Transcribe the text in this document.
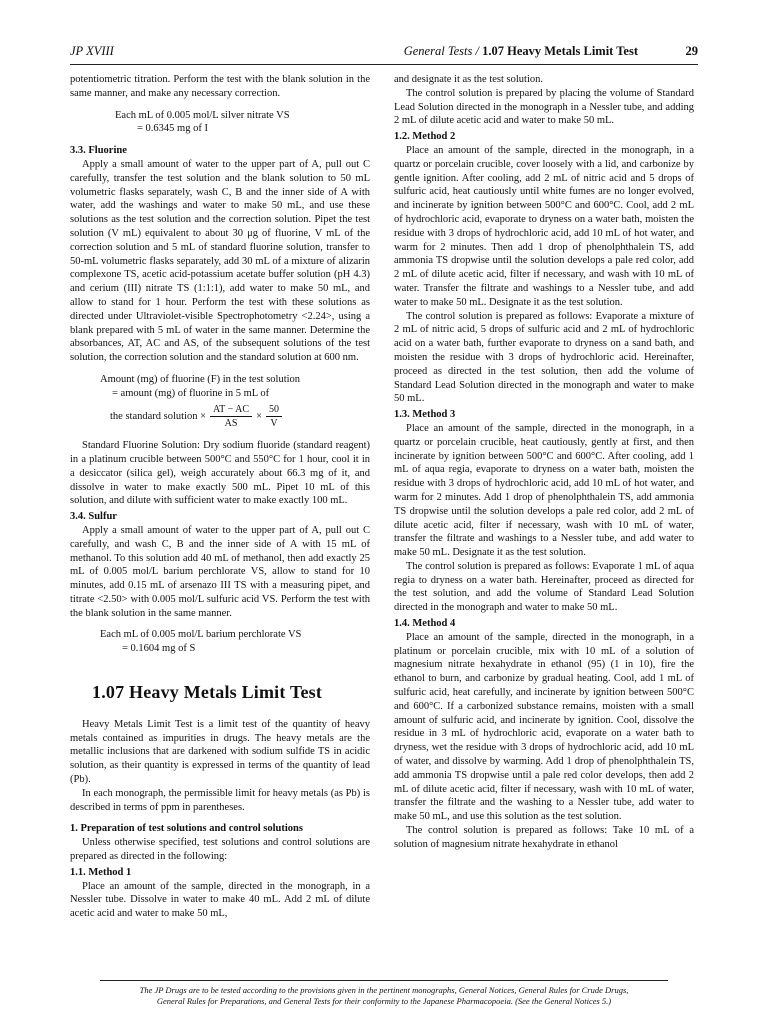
JP XVIII	General Tests / 1.07 Heavy Metals Limit Test	29

potentiometric titration. Perform the test with the blank solution in the same manner, and make any necessary correction.

Each mL of 0.005 mol/L silver nitrate VS
= 0.6345 mg of I
3.3. Fluorine

Apply a small amount of water to the upper part of A, pull out C carefully, transfer the test solution and the blank solution to 50 mL volumetric flasks separately, wash C, B and the inner side of A with water, add the washings and water to make 50 mL, and use these solutions as the test solution and the correction solution. Pipet the test solution (V mL) equivalent to about 30 μg of fluorine, V mL of the correction solution and 5 mL of standard fluorine solution, transfer to 50-mL volumetric flasks separately, add 30 mL of a mixture of alizarin complexone TS, acetic acid-potassium acetate buffer solution (pH 4.3) and cerium (III) nitrate TS (1:1:1), add water to make 50 mL, and allow to stand for 1 hour. Perform the test with these solutions as directed under Ultraviolet-visible Spectrophotometry <2.24>, using a blank prepared with 5 mL of water in the same manner. Determine the absorbances, AT, AC and AS, of the subsequent solutions of the test solution, the correction solution and the standard solution at 600 nm.

Amount (mg) of fluorine (F) in the test solution
= amount (mg) of fluorine in 5 mL of
the standard solution × $\frac{AT - AC}{AS} \times \frac{50}{V}$

Standard Fluorine Solution: Dry sodium fluoride (standard reagent) in a platinum crucible between 500°C and 550°C for 1 hour, cool it in a desiccator (silica gel), weigh accurately about 66.3 mg of it, and dissolve in water to make exactly 500 mL. Pipet 10 mL of this solution, and dilute with sufficient water to make exactly 100 mL.

3.4. Sulfur

Apply a small amount of water to the upper part of A, pull out C carefully, and wash C, B and the inner side of A with 15 mL of methanol. To this solution add 40 mL of methanol, then add exactly 25 mL of 0.005 mol/L barium perchlorate VS, allow to stand for 10 minutes, add 0.15 mL of arsenazo III TS with a measuring pipet, and titrate <2.50> with 0.005 mol/L sulfuric acid VS. Perform the test with the blank solution in the same manner.

Each mL of 0.005 mol/L barium perchlorate VS
= 0.1604 mg of S
1.07 Heavy Metals Limit Test

Heavy Metals Limit Test is a limit test of the quantity of heavy metals contained as impurities in drugs. The heavy metals are the metallic inclusions that are darkened with sodium sulfide TS in acidic solution, as their quantity is expressed in terms of the quantity of lead (Pb).

In each monograph, the permissible limit for heavy metals (as Pb) is described in terms of ppm in parentheses.

1. Preparation of test solutions and control solutions

Unless otherwise specified, test solutions and control solutions are prepared as directed in the following:

1.1. Method 1

Place an amount of the sample, directed in the monograph, in a Nessler tube. Dissolve in water to make 40 mL. Add 2 mL of dilute acetic acid and water to make 50 mL,

and designate it as the test solution.

The control solution is prepared by placing the volume of Standard Lead Solution directed in the monograph in a Nessler tube, and adding 2 mL of dilute acetic acid and water to make 50 mL.

1.2. Method 2

Place an amount of the sample, directed in the monograph, in a quartz or porcelain crucible, cover loosely with a lid, and carbonize by gentle ignition. After cooling, add 2 mL of nitric acid and 5 drops of sulfuric acid, heat cautiously until white fumes are no longer evolved, and incinerate by ignition between 500°C and 600°C. Cool, add 2 mL of hydrochloric acid, evaporate to dryness on a water bath, moisten the residue with 3 drops of hydrochloric acid, add 10 mL of hot water, and warm for 2 minutes. Then add 1 drop of phenolphthalein TS, add ammonia TS dropwise until the solution develops a pale red color, add 2 mL of dilute acetic acid, filter if necessary, and wash with 10 mL of water. Transfer the filtrate and washings to a Nessler tube, and add water to make 50 mL. Designate it as the test solution.

The control solution is prepared as follows: Evaporate a mixture of 2 mL of nitric acid, 5 drops of sulfuric acid and 2 mL of hydrochloric acid on a water bath, further evaporate to dryness on a sand bath, and moisten the residue with 3 drops of hydrochloric acid. Hereinafter, proceed as directed in the test solution, then add the volume of Standard Lead Solution directed in the monograph and water to make 50 mL.

1.3. Method 3

Place an amount of the sample, directed in the monograph, in a quartz or porcelain crucible, heat cautiously, gently at first, and then incinerate by ignition between 500°C and 600°C. After cooling, add 1 mL of aqua regia, evaporate to dryness on a water bath, moisten the residue with 3 drops of hydrochloric acid, add 10 mL of hot water, and warm for 2 minutes. Add 1 drop of phenolphthalein TS, add ammonia TS dropwise until the solution develops a pale red color, add 2 mL of dilute acetic acid, filter if necessary, wash with 10 mL of water, transfer the filtrate and washings to a Nessler tube, and add water to make 50 mL. Designate it as the test solution.

The control solution is prepared as follows: Evaporate 1 mL of aqua regia to dryness on a water bath. Hereinafter, proceed as directed for the test solution, and add the volume of Standard Lead Solution directed in the monograph and water to make 50 mL.

1.4. Method 4

Place an amount of the sample, directed in the monograph, in a platinum or porcelain crucible, mix with 10 mL of a solution of magnesium nitrate hexahydrate in ethanol (95) (1 in 10), fire the ethanol to burn, and carbonize by gradual heating. Cool, add 1 mL of sulfuric acid, heat carefully, and incinerate by ignition between 500°C and 600°C. If a carbonized substance remains, moisten with a small amount of sulfuric acid, and incinerate by ignition. Cool, dissolve the residue in 3 mL of hydrochloric acid, evaporate on a water bath to dryness, wet the residue with 3 drops of hydrochloric acid, add 10 mL of water, and dissolve by warming. Add 1 drop of phenolphthalein TS, add ammonia TS dropwise until a pale red color develops, then add 2 mL of dilute acetic acid, filter if necessary, wash with 10 mL of water, transfer the filtrate and the washing to a Nessler tube, add water to make 50 mL, and use this solution as the test solution.

The control solution is prepared as follows: Take 10 mL of a solution of magnesium nitrate hexahydrate in ethanol

The JP Drugs are to be tested according to the provisions given in the pertinent monographs, General Notices, General Rules for Crude Drugs,
General Rules for Preparations, and General Tests for their conformity to the Japanese Pharmacopoeia. (See the General Notices 5.)
